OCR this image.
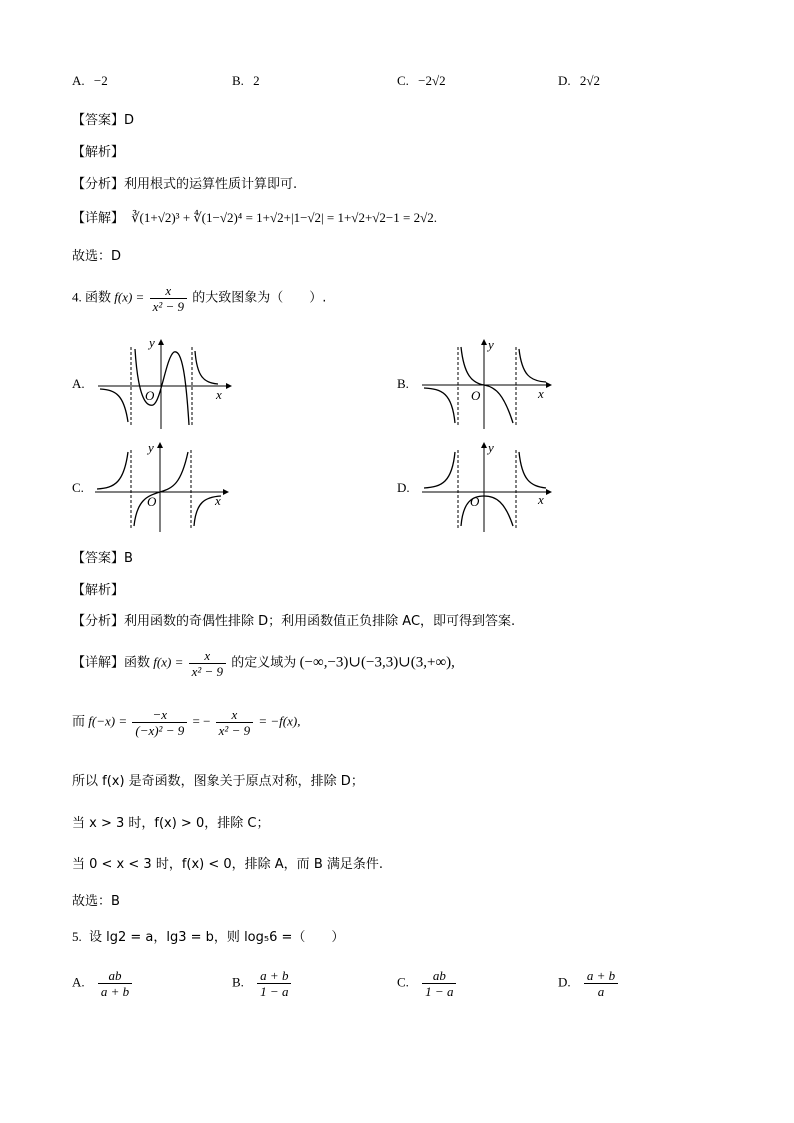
A. −2	B. 2	C. −2√2	D. 2√2
【答案】D
【解析】
【分析】利用根式的运算性质计算即可.
【详解】 ∛(1+√2)³ + ∜(1−√2)⁴ = 1+√2+|1−√2| = 1+√2+√2−1 = 2√2.
故选：D
4. 函数 $f(x) = \frac{x}{\text{x² − 9}}$ 的大致图象为（　　）.
A.
y
x
O
B.
y
x
O
C.
y
x
O
D.
y
x
O
【答案】B
【解析】
【分析】利用函数的奇偶性排除 D；利用函数值正负排除 AC，即可得到答案.
【详解】函数 $f(x) = \frac{x}{\text{x² − 9}}$ 的定义域为 (−∞,−3)∪(−3,3)∪(3,+∞),
而 $f(-x) = \frac{-x}{\text{(−x)² − 9}}$ = − $\frac{x}{\text{x² − 9}} = -f(x)$,
所以 f(x) 是奇函数，图象关于原点对称，排除 D；
当 x > 3 时，f(x) > 0，排除 C；
当 0 < x < 3 时，f(x) < 0，排除 A，而 B 满足条件.
故选：B
5. 设 lg2 = a，lg3 = b，则 log₅6 =（　　）
A. $\frac{ab}{a + b}$	B. $\frac{a + b}{1 - a}$	C. $\frac{ab}{1 - a}$	D. $\frac{a + b}{a}$
